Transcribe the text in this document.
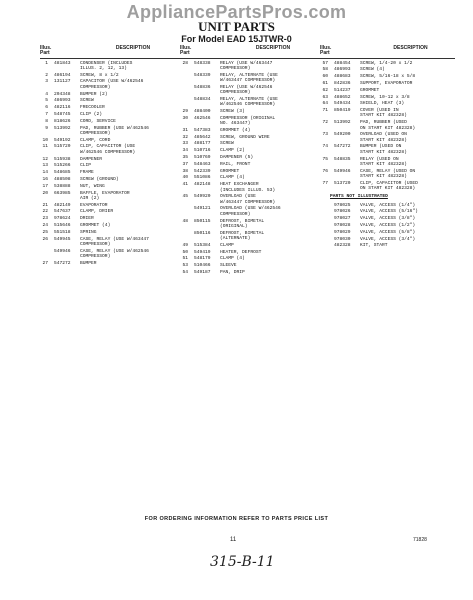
AppliancePartsPros.com
UNIT PARTS
For Model EAD 15JTWR-0
Illus. Part
DESCRIPTION
1	481843	CONDENSER (INCLUDES
ILLUS. 2, 12, 13)
2	486194	SCREW, 8 x 1/2
3	131127	CAPACITOR (USE W/462546
COMPRESSOR)
4	204348	BUMPER (2)
5	486993	SCREW
6	482116	FRECOOLER
7	548745	CLIP (2)
8	818626	CORD, SERVICE
9	513992	PAD, RUBBER (USE W/462546
COMPRESSOR)
10	549192	CLAMP, CORD
11	515720	CLIP, CAPACITOR (USE
W/462546 COMPRESSOR)
12	515938	DAMPENER
13	515266	CLIP
14	548685	FRAME
16	488508	SCREW (GROUND)
17	538888	NUT, WING
20	663985	BAFFLE, EVAPORATOR
AIR (2)
21	482149	EVAPORATOR
22	547637	CLAMP, DRIER
23	978624	DRIER
24	515646	GROMMET (4)
25	551518	SPRING
26	549945	CASE, RELAY (USE W/463447
COMPRESSOR)
549946	CASE, RELAY (USE W/462546
COMPRESSOR)
27	547272	BUMPER
Illus. Part
DESCRIPTION
28	548338	RELAY (USE W/463447
COMPRESSOR)
548339	RELAY, ALTERNATE (USE
W/463447 COMPRESSOR)
548836	RELAY (USE W/462546
COMPRESSOR)
548834	RELAY, ALTERNATE (USE
W/462546 COMPRESSOR)
29	488400	SCREW (3)
30	462546	COMPRESSOR (ORIGINAL
NO. 463447)
31	547383	GROMMET (4)
32	485642	SCREW, GROUND WIRE
33	488177	SCREW
34	510716	CLAMP (2)
35	510769	DAMPENER (5)
37	548463	RAIL, FRONT
38	542339	GROMMET
40	551086	CLAMP (4)
41	482148	HEAT EXCHANGER
(INCLUDES ILLUS. 53)
45	549920	OVERLOAD (USE
W/463447 COMPRESSOR)
549121	OVERLOAD (USE W/462546
COMPRESSOR)
48	850115	DEFROST, BIMETAL
(ORIGINAL)
850116	DEFROST, BIMETAL
(ALTERNATE)
49	515384	CLAMP
50	549419	HEATER, DEFROST
51	548179	CLAMP (4)
53	510466	SLEEVE
54	549187	PAN, DRIP
Illus. Part
DESCRIPTION
57	488454	SCREW, 1/4-20 x 1/2
58	486993	SCREW (4)
60	488683	SCREW, 5/16-18 x 5/8
61	842836	SUPPORT, EVAPORATOR
62	514237	GROMMET
63	488652	SCREW, 10-12 x 3/8
64	549434	SHIELD, HEAT (3)
71	850419	COVER (USED IN
START KIT 482328)
72	513992	PAD, RUBBER (USED
ON START KIT 482328)
73	549200	OVERLOAD (USED ON
START KIT 482328)
74	547272	BUMPER (USED ON
START KIT 482328)
75	548835	RELAY (USED ON
START KIT 482328)
76	549946	CASE, RELAY (USED ON
START KIT 482328)
77	513720	CLIP, CAPACITOR (USED
ON START KIT 482328)
PARTS NOT ILLUSTRATED
978025	VALVE, ACCESS (1/4")
978026	VALVE, ACCESS (5/16")
978027	VALVE, ACCESS (3/8")
978028	VALVE, ACCESS (1/2")
978029	VALVE, ACCESS (5/8")
978030	VALVE, ACCESS (3/4")
482328	KIT, START
FOR ORDERING INFORMATION REFER TO PARTS PRICE LIST
11	71828
315-B-11
